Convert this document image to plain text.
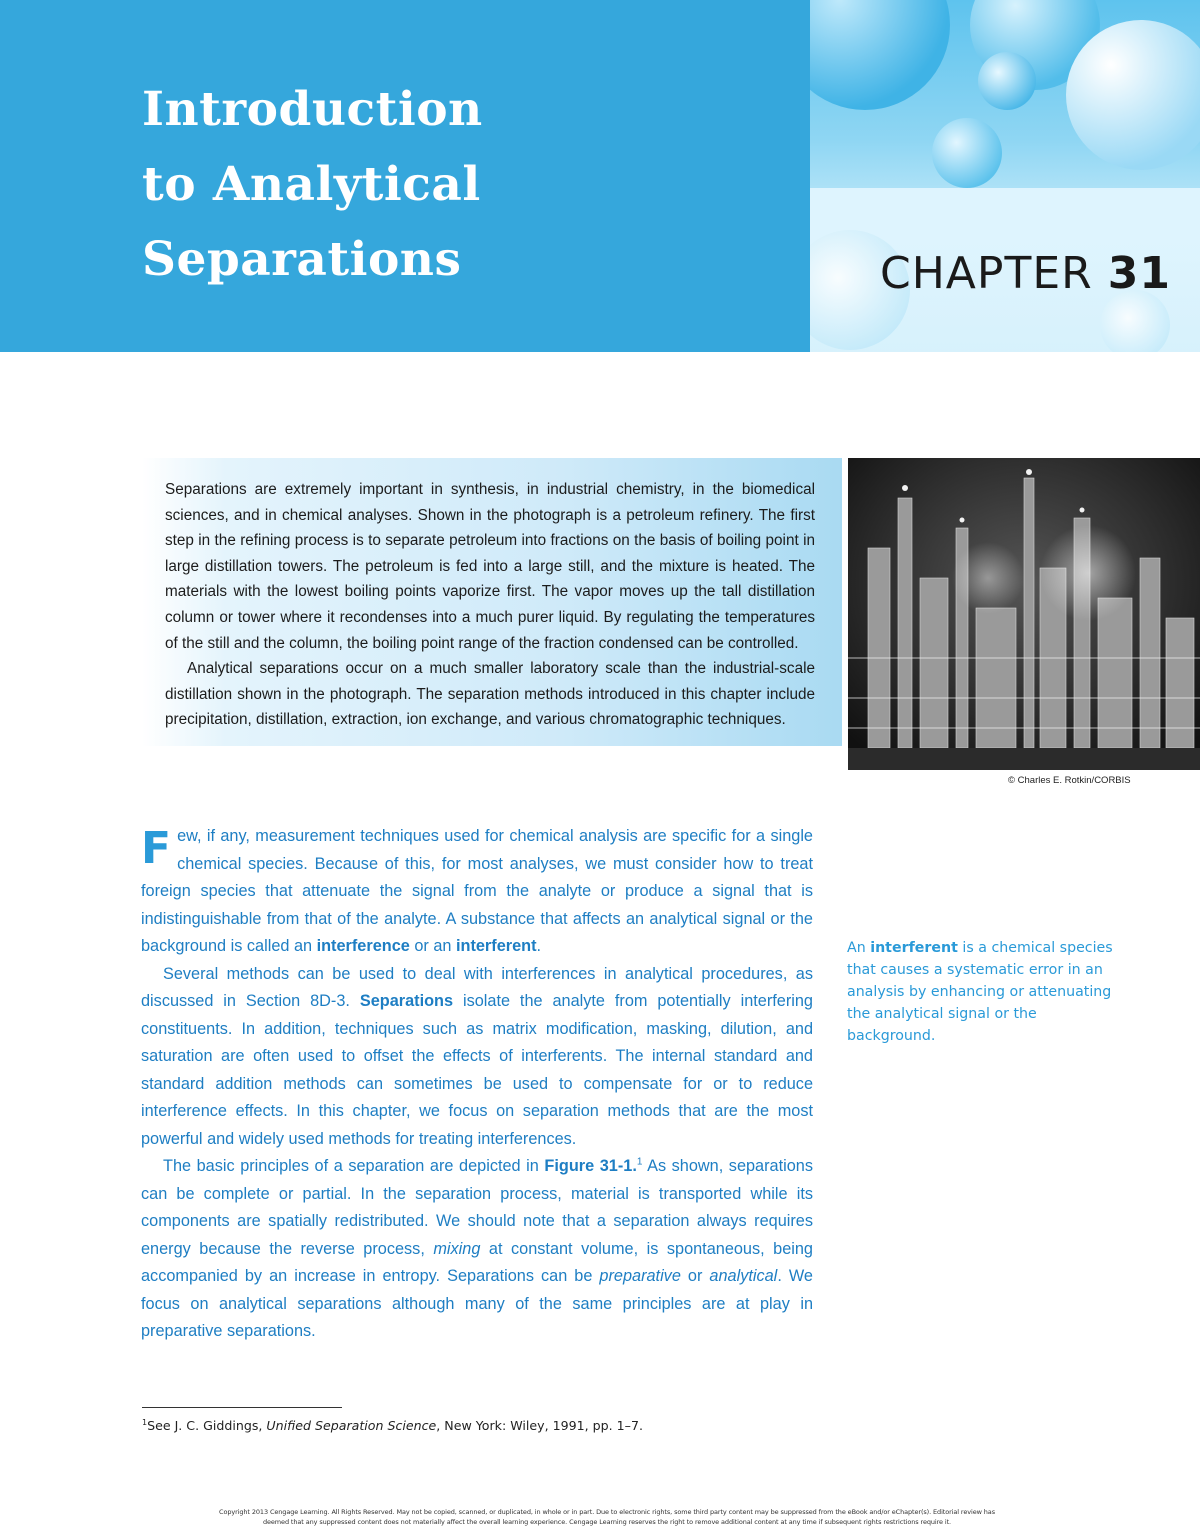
Introduction
to Analytical
Separations	CHAPTER 31

Separations are extremely important in synthesis, in industrial chemistry, in the biomedical sciences, and in chemical analyses. Shown in the photograph is a petroleum refinery. The first step in the refining process is to separate petroleum into fractions on the basis of boiling point in large distillation towers. The petroleum is fed into a large still, and the mixture is heated. The materials with the lowest boiling points vaporize first. The vapor moves up the tall distillation column or tower where it recondenses into a much purer liquid. By regulating the temperatures of the still and the column, the boiling point range of the fraction condensed can be controlled.

Analytical separations occur on a much smaller laboratory scale than the industrial-scale distillation shown in the photograph. The separation methods introduced in this chapter include precipitation, distillation, extraction, ion exchange, and various chromatographic techniques.

© Charles E. Rotkin/CORBIS

Few, if any, measurement techniques used for chemical analysis are specific for a single chemical species. Because of this, for most analyses, we must consider how to treat foreign species that attenuate the signal from the analyte or produce a signal that is indistinguishable from that of the analyte. A substance that affects an analytical signal or the background is called an interference or an interferent.

Several methods can be used to deal with interferences in analytical procedures, as discussed in Section 8D-3. Separations isolate the analyte from potentially interfering constituents. In addition, techniques such as matrix modification, masking, dilution, and saturation are often used to offset the effects of interferents. The internal standard and standard addition methods can sometimes be used to compensate for or to reduce interference effects. In this chapter, we focus on separation methods that are the most powerful and widely used methods for treating interferences.

The basic principles of a separation are depicted in Figure 31-1.$^1$ As shown, separations can be complete or partial. In the separation process, material is transported while its components are spatially redistributed. We should note that a separation always requires energy because the reverse process, mixing at constant volume, is spontaneous, being accompanied by an increase in entropy. Separations can be preparative or analytical. We focus on analytical separations although many of the same principles are at play in preparative separations.

An interferent is a chemical species that causes a systematic error in an analysis by enhancing or attenuating the analytical signal or the background.

$^1$See J. C. Giddings, Unified Separation Science, New York: Wiley, 1991, pp. 1–7.

Copyright 2013 Cengage Learning. All Rights Reserved. May not be copied, scanned, or duplicated, in whole or in part. Due to electronic rights, some third party content may be suppressed from the eBook and/or eChapter(s). Editorial review has
deemed that any suppressed content does not materially affect the overall learning experience. Cengage Learning reserves the right to remove additional content at any time if subsequent rights restrictions require it.
